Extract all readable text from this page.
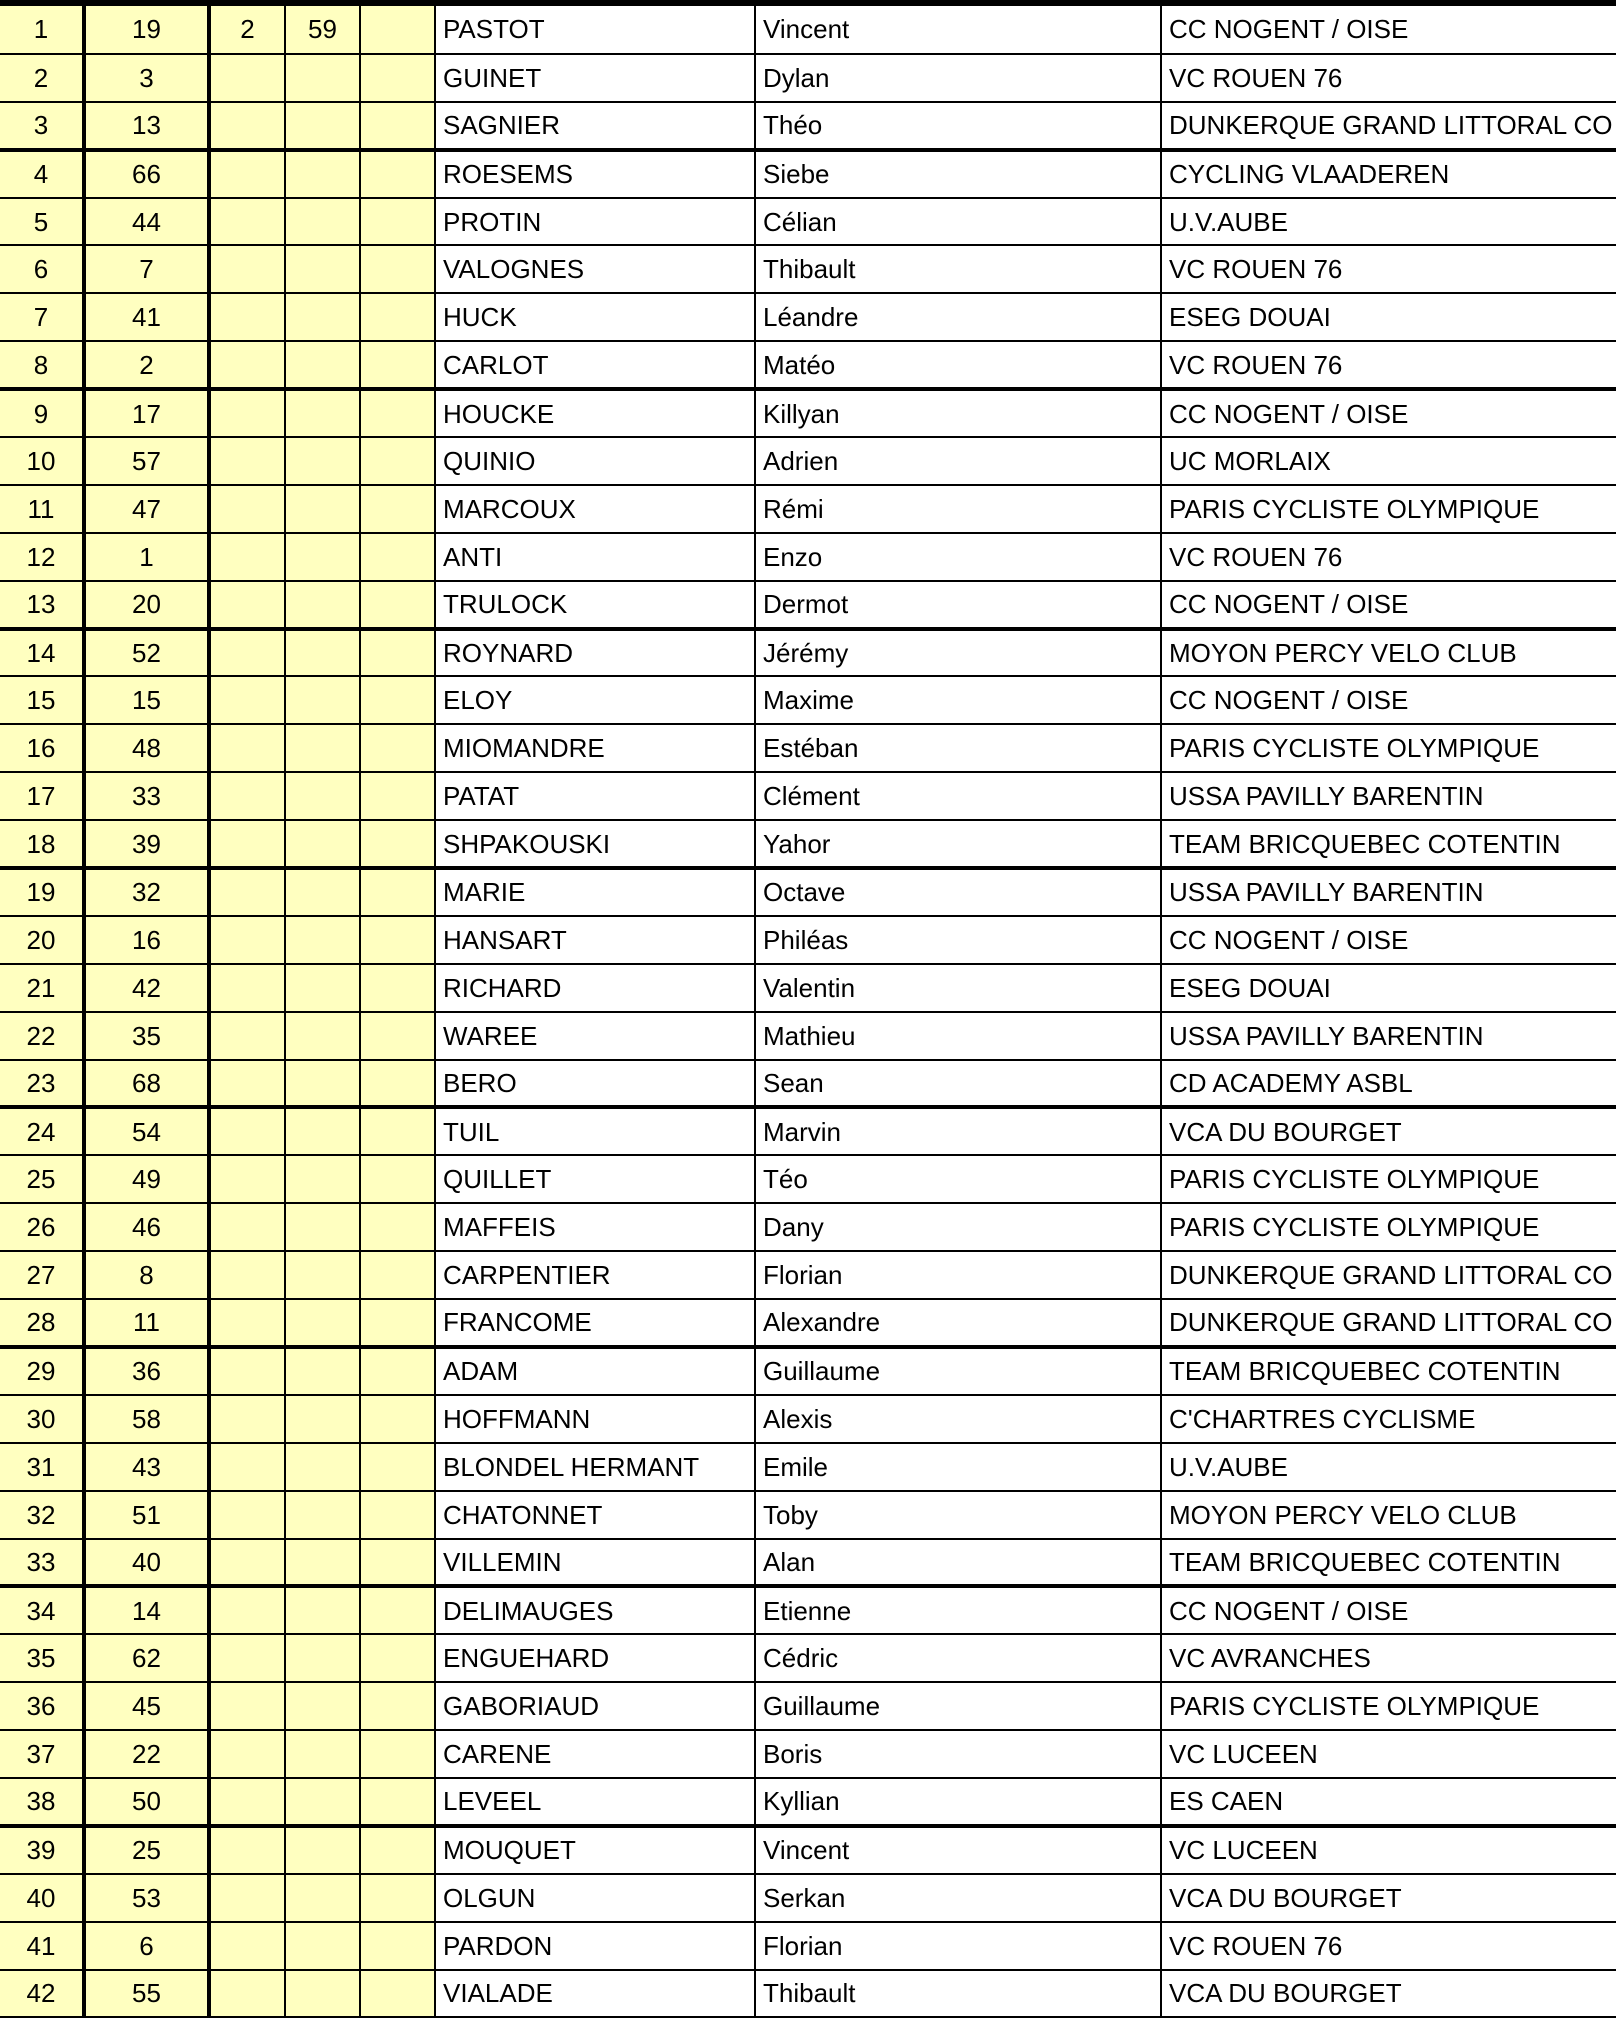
1	19	2	59		PASTOT	Vincent	CC NOGENT / OISE
2	3				GUINET	Dylan	VC ROUEN 76
3	13				SAGNIER	Théo	DUNKERQUE GRAND LITTORAL CO
4	66				ROESEMS	Siebe	CYCLING VLAADEREN
5	44				PROTIN	Célian	U.V.AUBE
6	7				VALOGNES	Thibault	VC ROUEN 76
7	41				HUCK	Léandre	ESEG DOUAI
8	2				CARLOT	Matéo	VC ROUEN 76
9	17				HOUCKE	Killyan	CC NOGENT / OISE
10	57				QUINIO	Adrien	UC MORLAIX
11	47				MARCOUX	Rémi	PARIS CYCLISTE OLYMPIQUE
12	1				ANTI	Enzo	VC ROUEN 76
13	20				TRULOCK	Dermot	CC NOGENT / OISE
14	52				ROYNARD	Jérémy	MOYON PERCY VELO CLUB
15	15				ELOY	Maxime	CC NOGENT / OISE
16	48				MIOMANDRE	Estéban	PARIS CYCLISTE OLYMPIQUE
17	33				PATAT	Clément	USSA PAVILLY BARENTIN
18	39				SHPAKOUSKI	Yahor	TEAM BRICQUEBEC COTENTIN
19	32				MARIE	Octave	USSA PAVILLY BARENTIN
20	16				HANSART	Philéas	CC NOGENT / OISE
21	42				RICHARD	Valentin	ESEG DOUAI
22	35				WAREE	Mathieu	USSA PAVILLY BARENTIN
23	68				BERO	Sean	CD ACADEMY ASBL
24	54				TUIL	Marvin	VCA DU BOURGET
25	49				QUILLET	Téo	PARIS CYCLISTE OLYMPIQUE
26	46				MAFFEIS	Dany	PARIS CYCLISTE OLYMPIQUE
27	8				CARPENTIER	Florian	DUNKERQUE GRAND LITTORAL CO
28	11				FRANCOME	Alexandre	DUNKERQUE GRAND LITTORAL CO
29	36				ADAM	Guillaume	TEAM BRICQUEBEC COTENTIN
30	58				HOFFMANN	Alexis	C'CHARTRES CYCLISME
31	43				BLONDEL HERMANT	Emile	U.V.AUBE
32	51				CHATONNET	Toby	MOYON PERCY VELO CLUB
33	40				VILLEMIN	Alan	TEAM BRICQUEBEC COTENTIN
34	14				DELIMAUGES	Etienne	CC NOGENT / OISE
35	62				ENGUEHARD	Cédric	VC AVRANCHES
36	45				GABORIAUD	Guillaume	PARIS CYCLISTE OLYMPIQUE
37	22				CARENE	Boris	VC LUCEEN
38	50				LEVEEL	Kyllian	ES CAEN
39	25				MOUQUET	Vincent	VC LUCEEN
40	53				OLGUN	Serkan	VCA DU BOURGET
41	6				PARDON	Florian	VC ROUEN 76
42	55				VIALADE	Thibault	VCA DU BOURGET
